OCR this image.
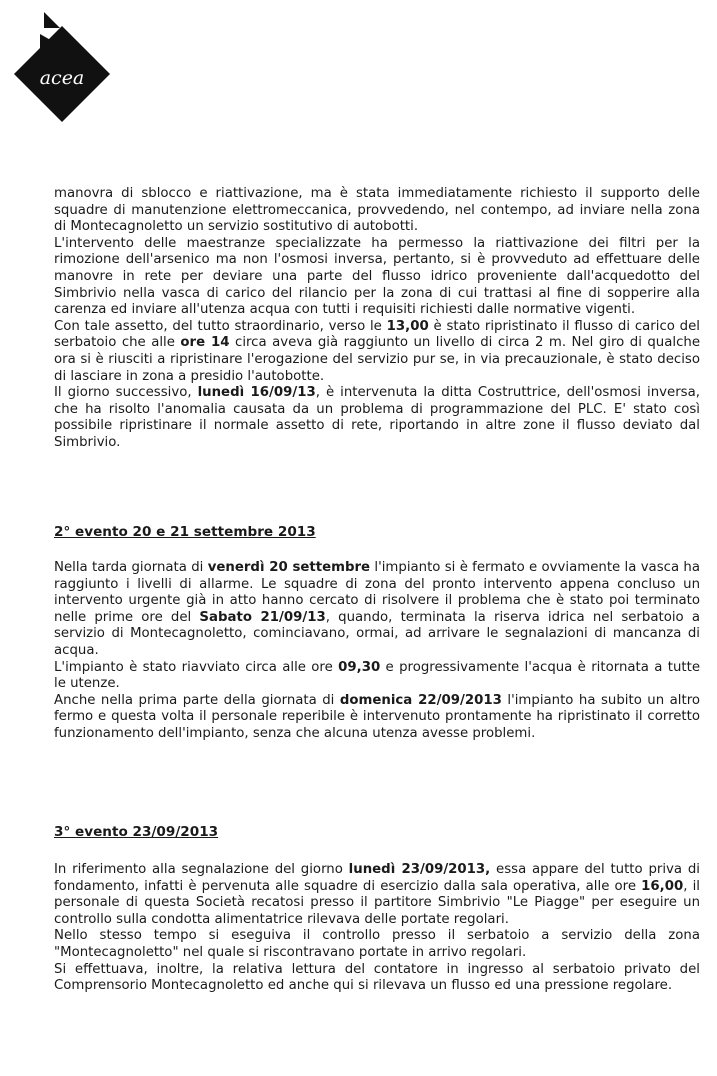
acea
manovra di sblocco e riattivazione, ma è stata immediatamente richiesto il supporto delle squadre di manutenzione elettromeccanica, provvedendo, nel contempo, ad inviare nella zona di Montecagnoletto un servizio sostitutivo di autobotti.
L'intervento delle maestranze specializzate ha permesso la riattivazione dei filtri per la rimozione dell'arsenico ma non l'osmosi inversa, pertanto, si è provveduto ad effettuare delle manovre in rete per deviare una parte del flusso idrico proveniente dall'acquedotto del Simbrivio nella vasca di carico del rilancio per la zona di cui trattasi al fine di sopperire alla carenza ed inviare all'utenza acqua con tutti i requisiti richiesti dalle normative vigenti.
Con tale assetto, del tutto straordinario, verso le 13,00 è stato ripristinato il flusso di carico del serbatoio che alle ore 14 circa aveva già raggiunto un livello di circa 2 m. Nel giro di qualche ora si è riusciti a ripristinare l'erogazione del servizio pur se, in via precauzionale, è stato deciso di lasciare in zona a presidio l'autobotte.
Il giorno successivo, lunedì 16/09/13, è intervenuta la ditta Costruttrice, dell'osmosi inversa, che ha risolto l'anomalia causata da un problema di programmazione del PLC. E' stato così possibile ripristinare il normale assetto di rete, riportando in altre zone il flusso deviato dal Simbrivio.
2° evento 20 e 21 settembre 2013
Nella tarda giornata di venerdì 20 settembre l'impianto si è fermato e ovviamente la vasca ha raggiunto i livelli di allarme. Le squadre di zona del pronto intervento appena concluso un intervento urgente già in atto hanno cercato di risolvere il problema che è stato poi terminato nelle prime ore del Sabato 21/09/13, quando, terminata la riserva idrica nel serbatoio a servizio di Montecagnoletto, cominciavano, ormai, ad arrivare le segnalazioni di mancanza di acqua.
L'impianto è stato riavviato circa alle ore 09,30 e progressivamente l'acqua è ritornata a tutte le utenze.
Anche nella prima parte della giornata di domenica 22/09/2013 l'impianto ha subito un altro fermo e questa volta il personale reperibile è intervenuto prontamente ha ripristinato il corretto funzionamento dell'impianto, senza che alcuna utenza avesse problemi.
3° evento 23/09/2013
In riferimento alla segnalazione del giorno lunedì 23/09/2013, essa appare del tutto priva di fondamento, infatti è pervenuta alle squadre di esercizio dalla sala operativa, alle ore 16,00, il personale di questa Società recatosi presso il partitore Simbrivio "Le Piagge" per eseguire un controllo sulla condotta alimentatrice rilevava delle portate regolari.
Nello stesso tempo si eseguiva il controllo presso il serbatoio a servizio della zona "Montecagnoletto" nel quale si riscontravano portate in arrivo regolari.
Si effettuava, inoltre, la relativa lettura del contatore in ingresso al serbatoio privato del Comprensorio Montecagnoletto ed anche qui si rilevava un flusso ed una pressione regolare.
